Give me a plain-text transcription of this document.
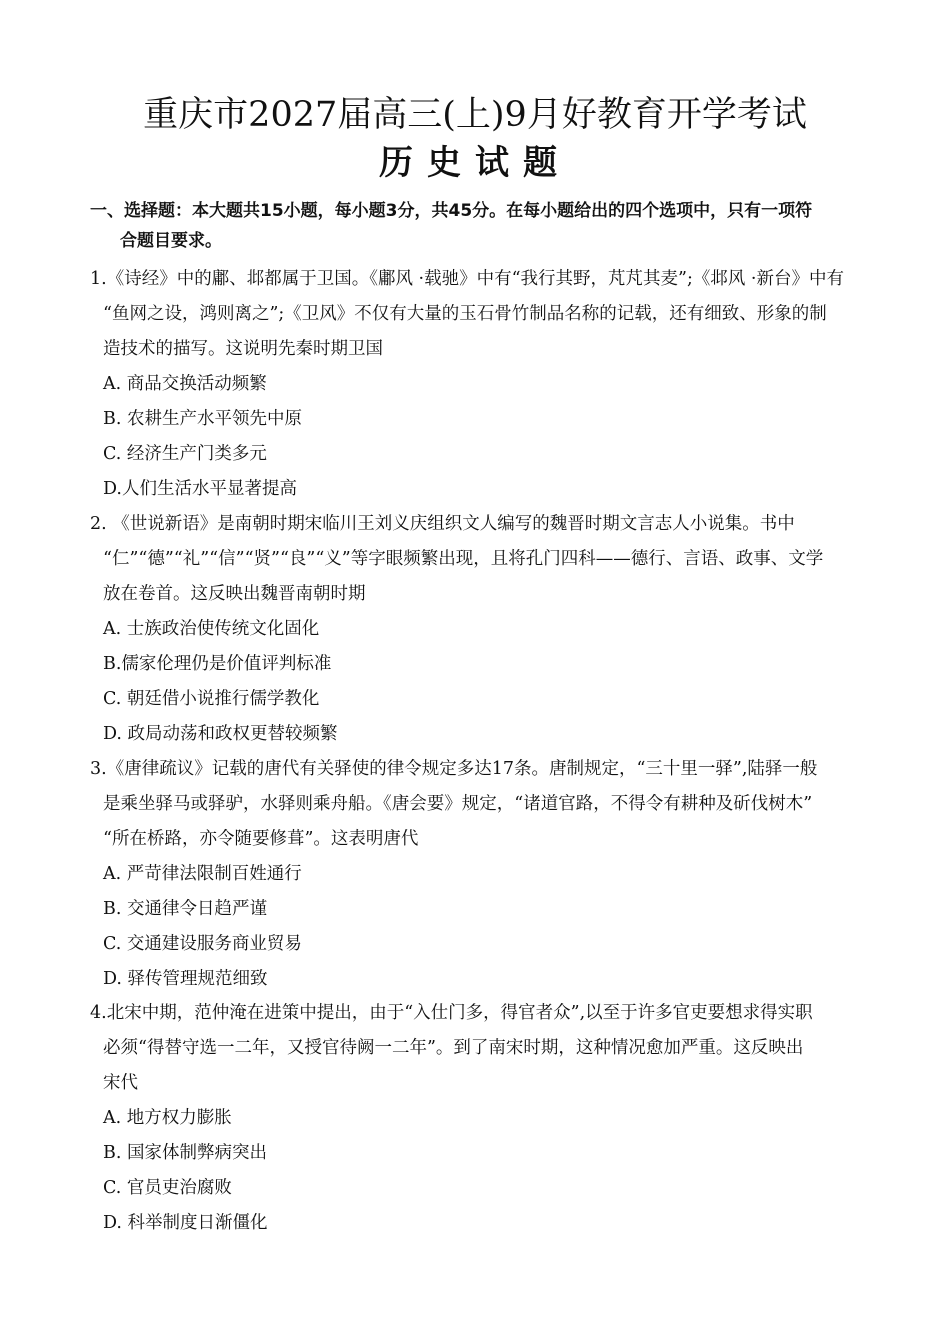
重庆市2027届高三(上)9月好教育开学考试
历史试题
一、选择题：本大题共15小题，每小题3分，共45分。在每小题给出的四个选项中，只有一项符
合题目要求。
1.《诗经》中的鄘、邶都属于卫国。《鄘风 ·载驰》中有“我行其野，芃芃其麦”;《邶风 ·新台》中有
“鱼网之设，鸿则离之”;《卫风》不仅有大量的玉石骨竹制品名称的记载，还有细致、形象的制
造技术的描写。这说明先秦时期卫国
A. 商品交换活动频繁
B. 农耕生产水平领先中原
C. 经济生产门类多元
D.人们生活水平显著提高
2. 《世说新语》是南朝时期宋临川王刘义庆组织文人编写的魏晋时期文言志人小说集。书中
“仁”“德”“礼”“信”“贤”“良”“义”等字眼频繁出现，且将孔门四科——德行、言语、政事、文学
放在卷首。这反映出魏晋南朝时期
A. 士族政治使传统文化固化
B.儒家伦理仍是价值评判标准
C. 朝廷借小说推行儒学教化
D. 政局动荡和政权更替较频繁
3.《唐律疏议》记载的唐代有关驿使的律令规定多达17条。唐制规定，“三十里一驿”,陆驿一般
是乘坐驿马或驿驴，水驿则乘舟船。《唐会要》规定，“诸道官路，不得令有耕种及斫伐树木”
“所在桥路，亦令随要修葺”。这表明唐代
A. 严苛律法限制百姓通行
B. 交通律令日趋严谨
C. 交通建设服务商业贸易
D. 驿传管理规范细致
4.北宋中期，范仲淹在进策中提出，由于“入仕门多，得官者众”,以至于许多官吏要想求得实职
必须“得替守选一二年，又授官待阙一二年”。到了南宋时期，这种情况愈加严重。这反映出
宋代
A. 地方权力膨胀
B. 国家体制弊病突出
C. 官员吏治腐败
D. 科举制度日渐僵化
